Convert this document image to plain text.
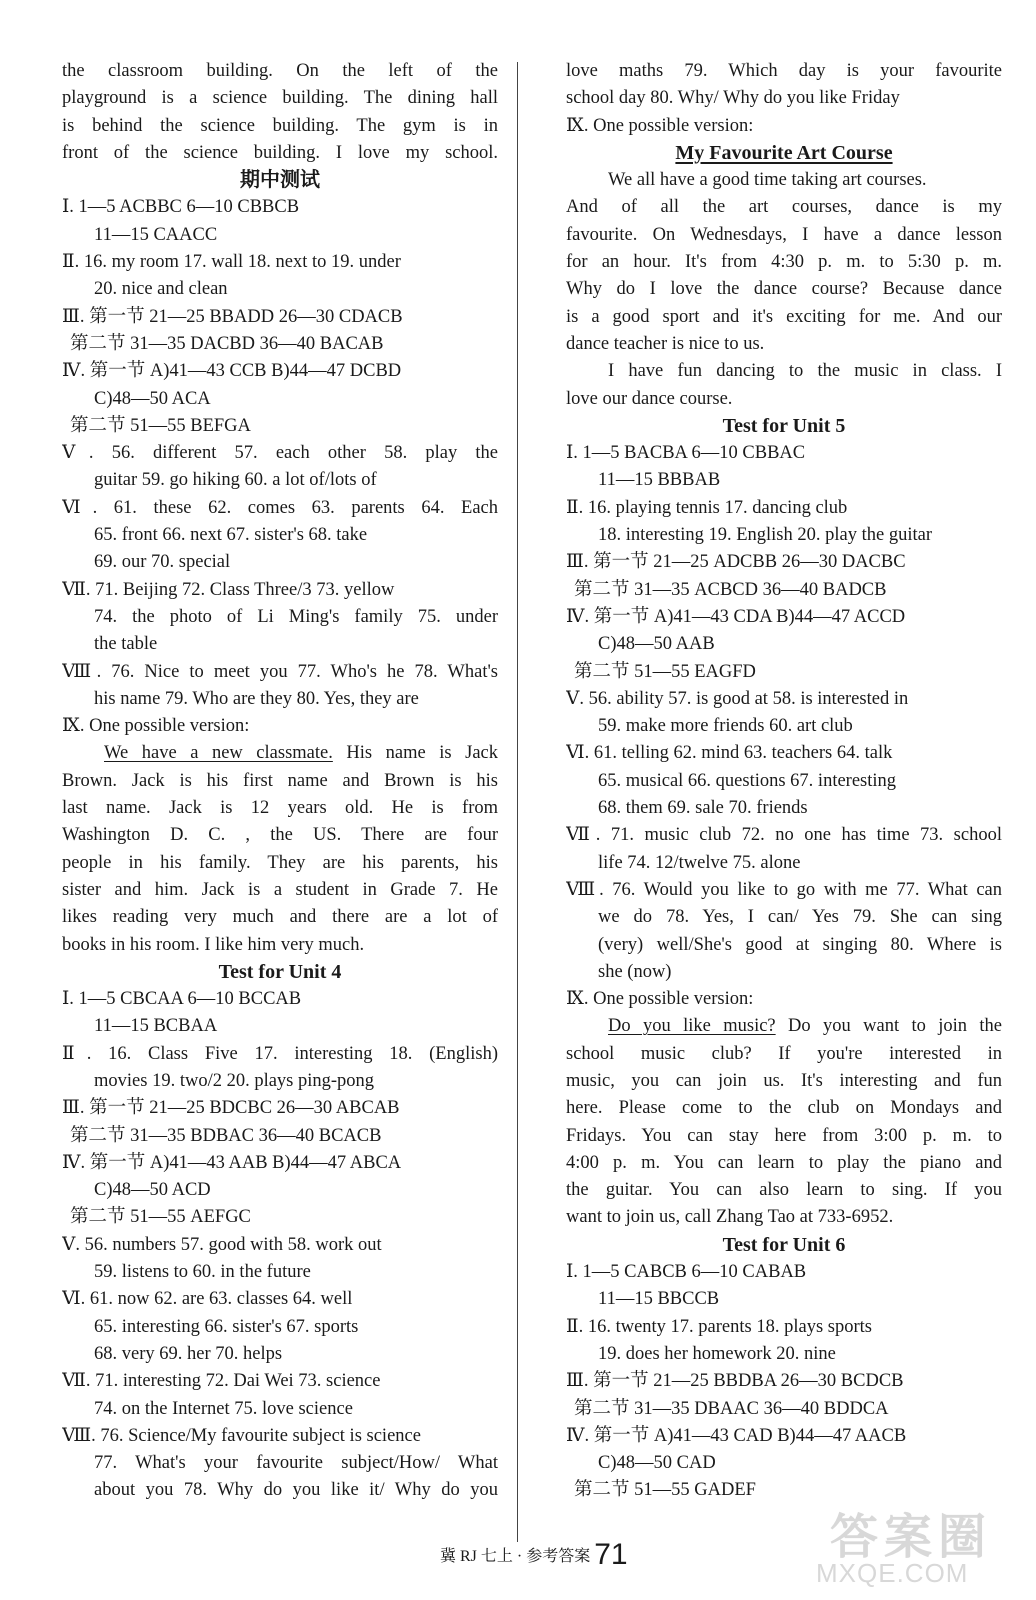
the classroom building. On the left of the
playground is a science building. The dining hall
is behind the science building. The gym is in
front of the science building. I love my school.
期中测试
Ⅰ. 1—5 ACBBC 6—10 CBBCB
11—15 CAACC
Ⅱ. 16. my room 17. wall 18. next to 19. under
20. nice and clean
Ⅲ. 第一节 21—25 BBADD 26—30 CDACB
第二节 31—35 DACBD 36—40 BACAB
Ⅳ. 第一节 A)41—43 CCB B)44—47 DCBD
C)48—50 ACA
第二节 51—55 BEFGA
Ⅴ. 56. different 57. each other 58. play the
guitar 59. go hiking 60. a lot of/lots of
Ⅵ. 61. these 62. comes 63. parents 64. Each
65. front 66. next 67. sister's 68. take
69. our 70. special
Ⅶ. 71. Beijing 72. Class Three/3 73. yellow
74. the photo of Li Ming's family 75. under
the table
Ⅷ. 76. Nice to meet you 77. Who's he 78. What's
his name 79. Who are they 80. Yes, they are
Ⅸ. One possible version:
We have a new classmate. His name is Jack
Brown. Jack is his first name and Brown is his
last name. Jack is 12 years old. He is from
Washington D. C. , the US. There are four
people in his family. They are his parents, his
sister and him. Jack is a student in Grade 7. He
likes reading very much and there are a lot of
books in his room. I like him very much.
Test for Unit 4
Ⅰ. 1—5 CBCAA 6—10 BCCAB
11—15 BCBAA
Ⅱ. 16. Class Five 17. interesting 18. (English)
movies 19. two/2 20. plays ping-pong
Ⅲ. 第一节 21—25 BDCBC 26—30 ABCAB
第二节 31—35 BDBAC 36—40 BCACB
Ⅳ. 第一节 A)41—43 AAB B)44—47 ABCA
C)48—50 ACD
第二节 51—55 AEFGC
Ⅴ. 56. numbers 57. good with 58. work out
59. listens to 60. in the future
Ⅵ. 61. now 62. are 63. classes 64. well
65. interesting 66. sister's 67. sports
68. very 69. her 70. helps
Ⅶ. 71. interesting 72. Dai Wei 73. science
74. on the Internet 75. love science
Ⅷ. 76. Science/My favourite subject is science
77. What's your favourite subject/How/ What
about you 78. Why do you like it/ Why do you
love maths 79. Which day is your favourite
school day 80. Why/ Why do you like Friday
Ⅸ. One possible version:
My Favourite Art Course
We all have a good time taking art courses.
And of all the art courses, dance is my
favourite. On Wednesdays, I have a dance lesson
for an hour. It's from 4:30 p. m. to 5:30 p. m.
Why do I love the dance course? Because dance
is a good sport and it's exciting for me. And our
dance teacher is nice to us.
I have fun dancing to the music in class. I
love our dance course.
Test for Unit 5
Ⅰ. 1—5 BACBA 6—10 CBBAC
11—15 BBBAB
Ⅱ. 16. playing tennis 17. dancing club
18. interesting 19. English 20. play the guitar
Ⅲ. 第一节 21—25 ADCBB 26—30 DACBC
第二节 31—35 ACBCD 36—40 BADCB
Ⅳ. 第一节 A)41—43 CDA B)44—47 ACCD
C)48—50 AAB
第二节 51—55 EAGFD
Ⅴ. 56. ability 57. is good at 58. is interested in
59. make more friends 60. art club
Ⅵ. 61. telling 62. mind 63. teachers 64. talk
65. musical 66. questions 67. interesting
68. them 69. sale 70. friends
Ⅶ. 71. music club 72. no one has time 73. school
life 74. 12/twelve 75. alone
Ⅷ. 76. Would you like to go with me 77. What can
we do 78. Yes, I can/ Yes 79. She can sing
(very) well/She's good at singing 80. Where is
she (now)
Ⅸ. One possible version:
Do you like music? Do you want to join the
school music club? If you're interested in
music, you can join us. It's interesting and fun
here. Please come to the club on Mondays and
Fridays. You can stay here from 3:00 p. m. to
4:00 p. m. You can learn to play the piano and
the guitar. You can also learn to sing. If you
want to join us, call Zhang Tao at 733-6952.
Test for Unit 6
Ⅰ. 1—5 CABCB 6—10 CABAB
11—15 BBCCB
Ⅱ. 16. twenty 17. parents 18. plays sports
19. does her homework 20. nine
Ⅲ. 第一节 21—25 BBDBA 26—30 BCDCB
第二节 31—35 DBAAC 36—40 BDDCA
Ⅳ. 第一节 A)41—43 CAD B)44—47 AACB
C)48—50 CAD
第二节 51—55 GADEF
冀 RJ 七上 · 参考答案 71	答案圈
MXQE.COM
